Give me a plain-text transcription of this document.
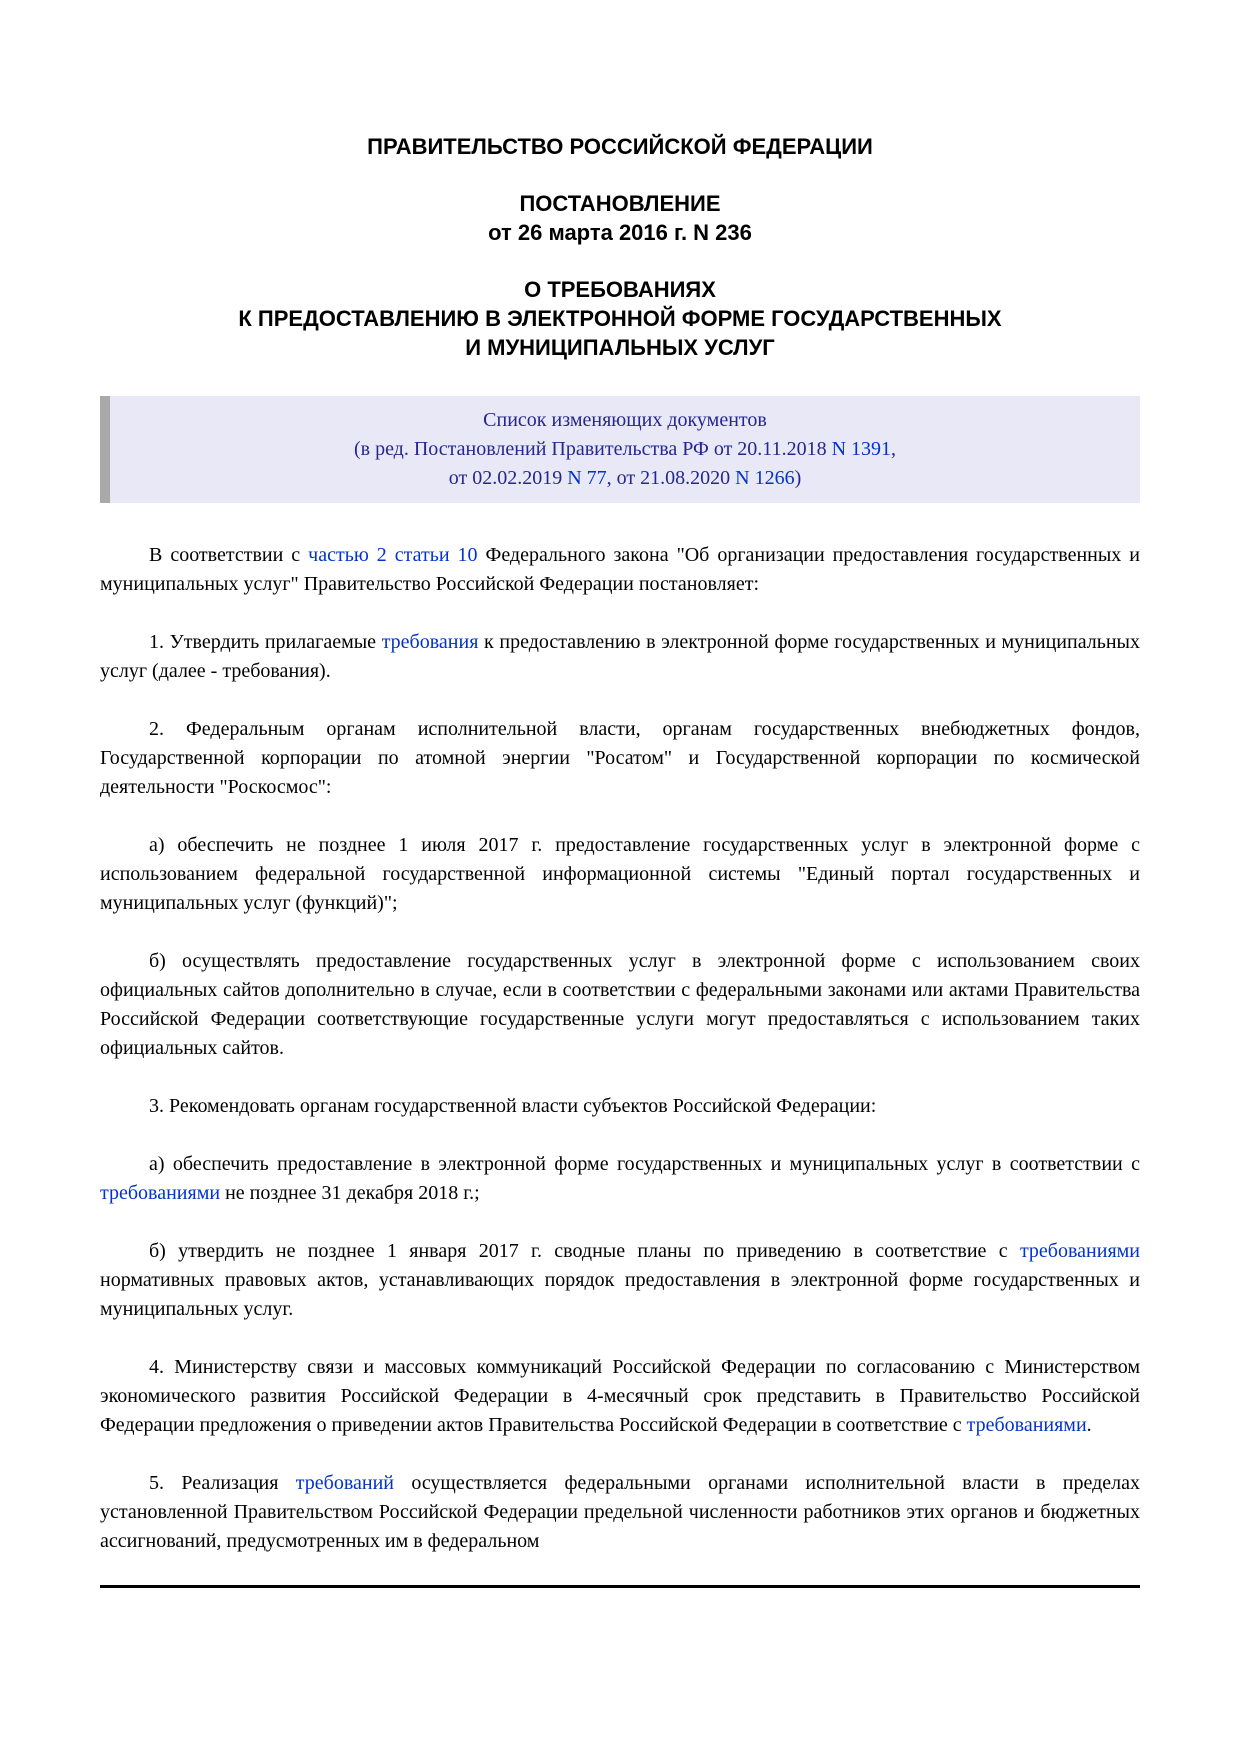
ПРАВИТЕЛЬСТВО РОССИЙСКОЙ ФЕДЕРАЦИИ
ПОСТАНОВЛЕНИЕ
от 26 марта 2016 г. N 236
О ТРЕБОВАНИЯХ
К ПРЕДОСТАВЛЕНИЮ В ЭЛЕКТРОННОЙ ФОРМЕ ГОСУДАРСТВЕННЫХ
И МУНИЦИПАЛЬНЫХ УСЛУГ
Список изменяющих документов
(в ред. Постановлений Правительства РФ от 20.11.2018 N 1391,
от 02.02.2019 N 77, от 21.08.2020 N 1266)

В соответствии с частью 2 статьи 10 Федерального закона "Об организации предоставления государственных и муниципальных услуг" Правительство Российской Федерации постановляет:

1. Утвердить прилагаемые требования к предоставлению в электронной форме государственных и муниципальных услуг (далее - требования).

2. Федеральным органам исполнительной власти, органам государственных внебюджетных фондов, Государственной корпорации по атомной энергии "Росатом" и Государственной корпорации по космической деятельности "Роскосмос":

а) обеспечить не позднее 1 июля 2017 г. предоставление государственных услуг в электронной форме с использованием федеральной государственной информационной системы "Единый портал государственных и муниципальных услуг (функций)";

б) осуществлять предоставление государственных услуг в электронной форме с использованием своих официальных сайтов дополнительно в случае, если в соответствии с федеральными законами или актами Правительства Российской Федерации соответствующие государственные услуги могут предоставляться с использованием таких официальных сайтов.

3. Рекомендовать органам государственной власти субъектов Российской Федерации:

а) обеспечить предоставление в электронной форме государственных и муниципальных услуг в соответствии с требованиями не позднее 31 декабря 2018 г.;

б) утвердить не позднее 1 января 2017 г. сводные планы по приведению в соответствие с требованиями нормативных правовых актов, устанавливающих порядок предоставления в электронной форме государственных и муниципальных услуг.

4. Министерству связи и массовых коммуникаций Российской Федерации по согласованию с Министерством экономического развития Российской Федерации в 4-месячный срок представить в Правительство Российской Федерации предложения о приведении актов Правительства Российской Федерации в соответствие с требованиями.

5. Реализация требований осуществляется федеральными органами исполнительной власти в пределах установленной Правительством Российской Федерации предельной численности работников этих органов и бюджетных ассигнований, предусмотренных им в федеральном
